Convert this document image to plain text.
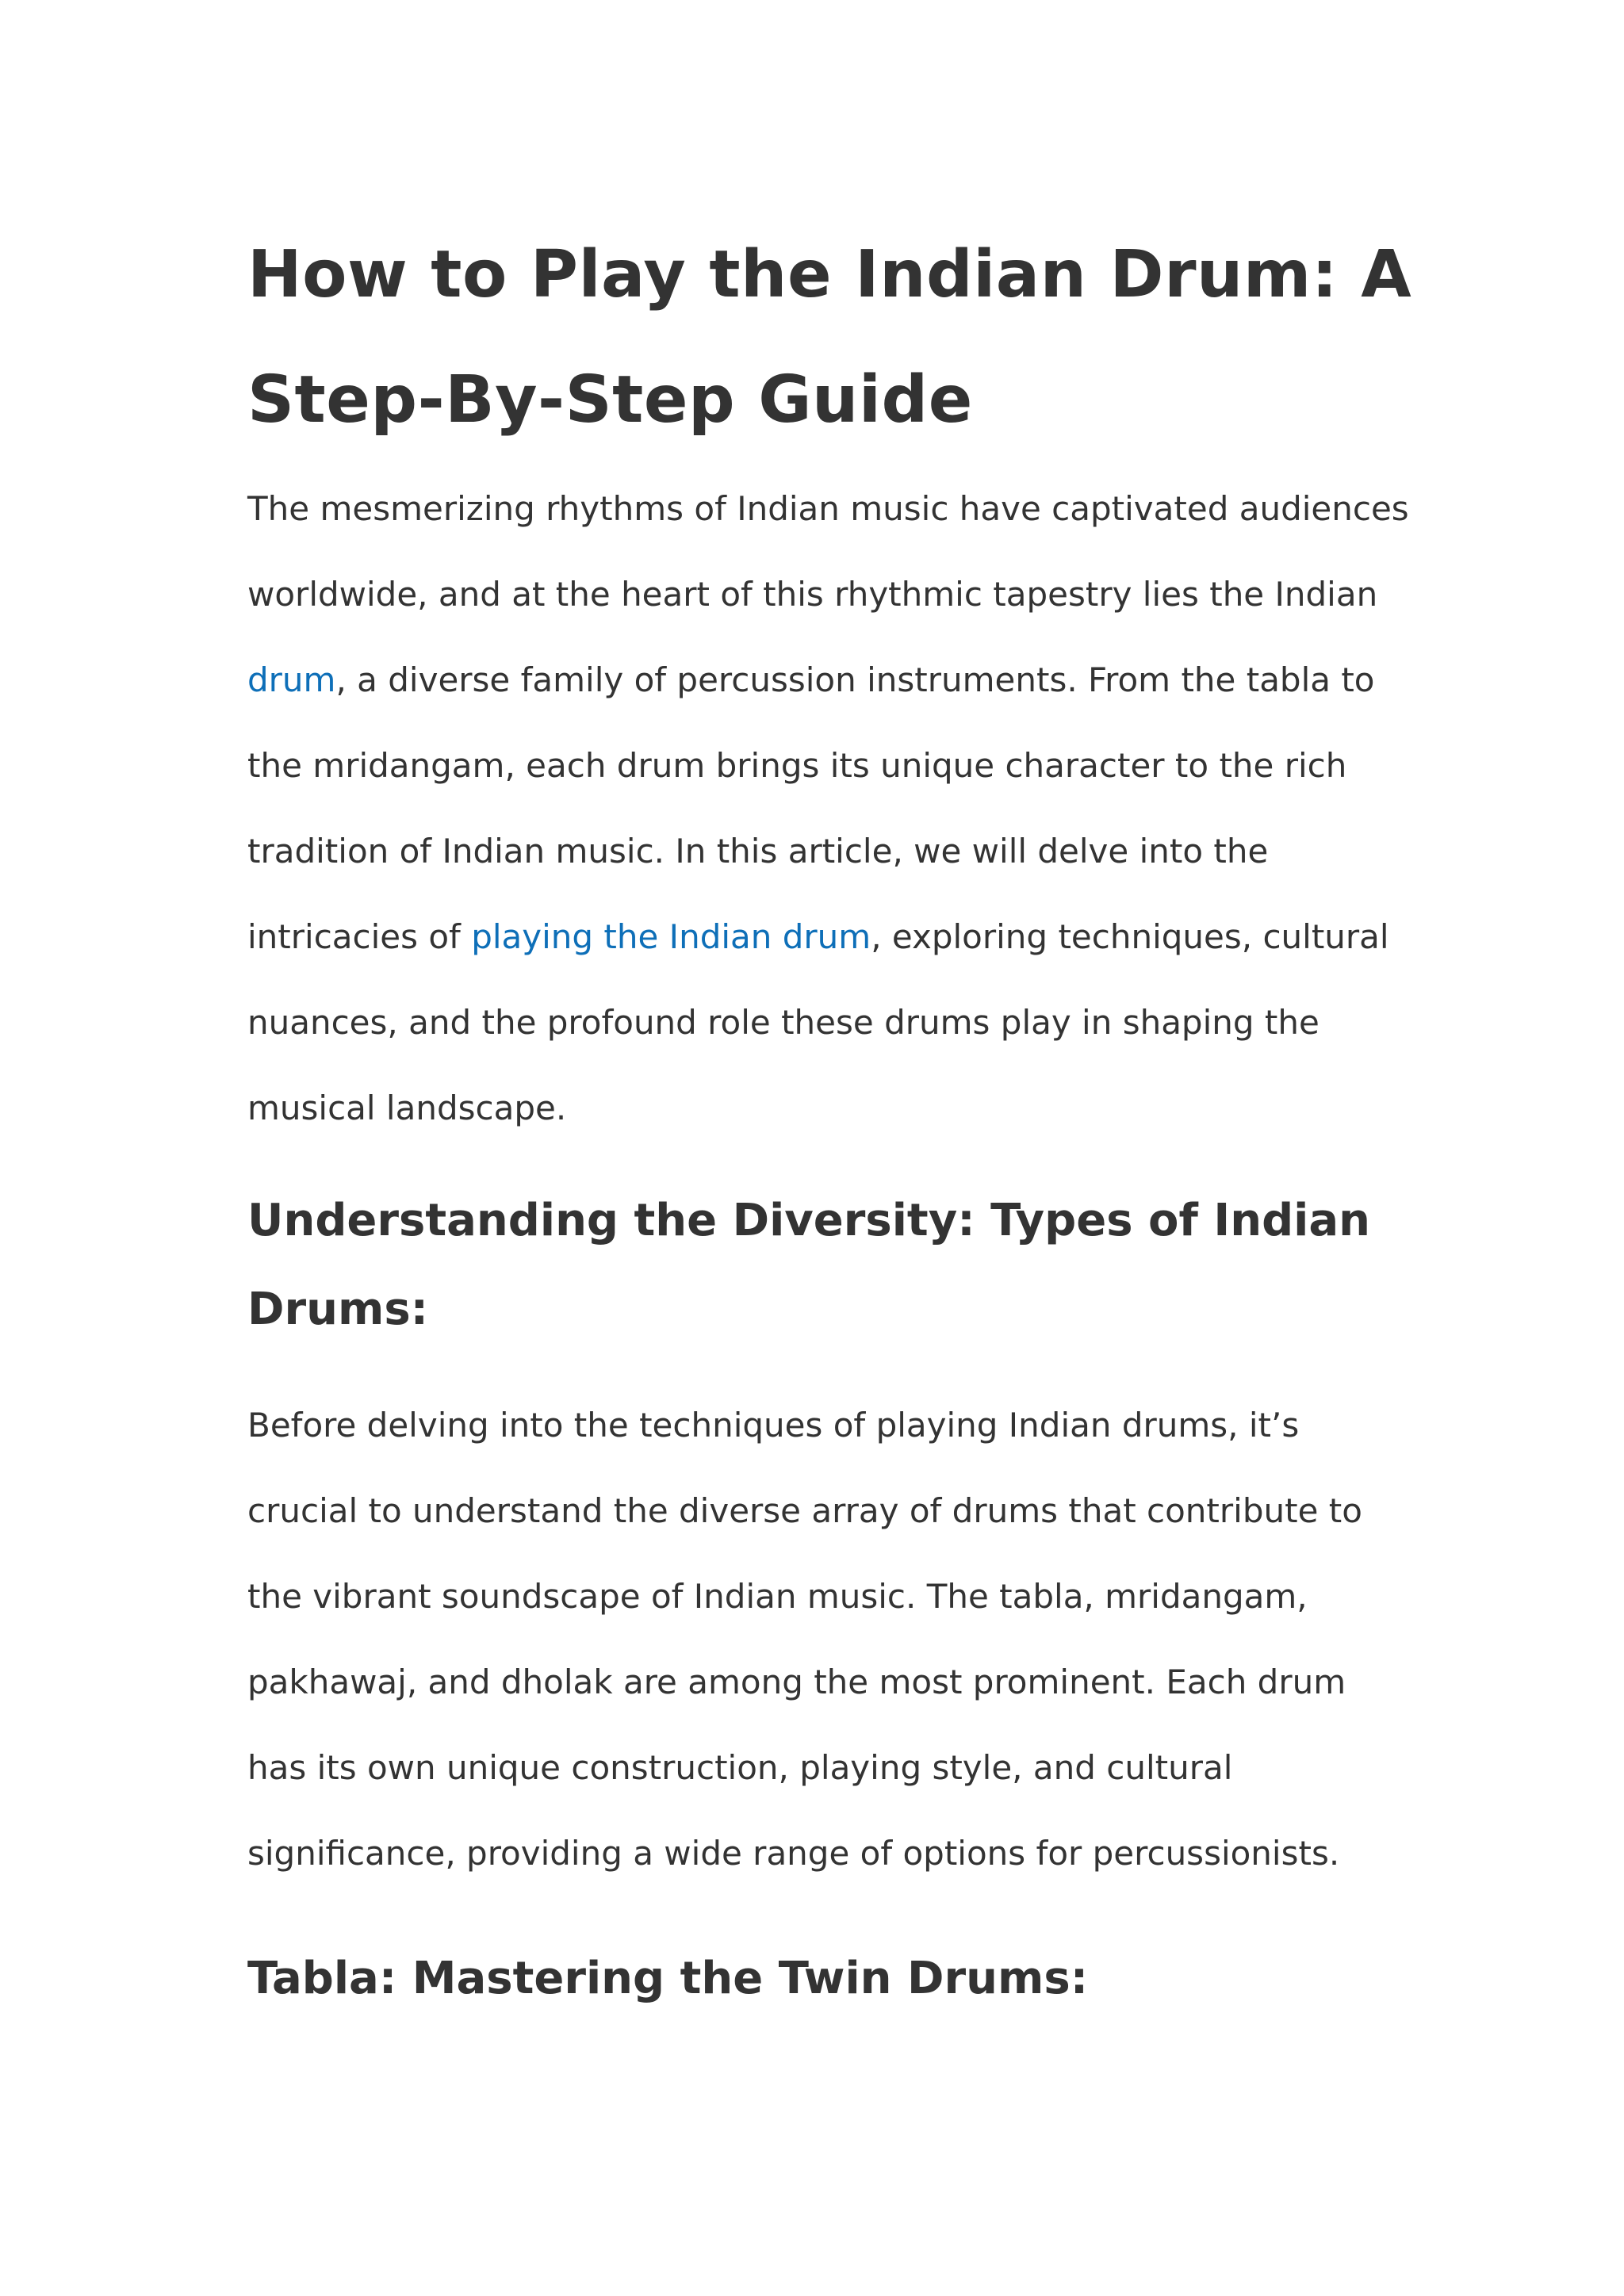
How to Play the Indian Drum: A Step-By-Step Guide

The mesmerizing rhythms of Indian music have captivated audiences worldwide, and at the heart of this rhythmic tapestry lies the Indian drum, a diverse family of percussion instruments. From the tabla to the mridangam, each drum brings its unique character to the rich tradition of Indian music. In this article, we will delve into the intricacies of playing the Indian drum, exploring techniques, cultural nuances, and the profound role these drums play in shaping the musical landscape.

Understanding the Diversity: Types of Indian Drums:

Before delving into the techniques of playing Indian drums, it’s crucial to understand the diverse array of drums that contribute to the vibrant soundscape of Indian music. The tabla, mridangam, pakhawaj, and dholak are among the most prominent. Each drum has its own unique construction, playing style, and cultural significance, providing a wide range of options for percussionists.

Tabla: Mastering the Twin Drums:
